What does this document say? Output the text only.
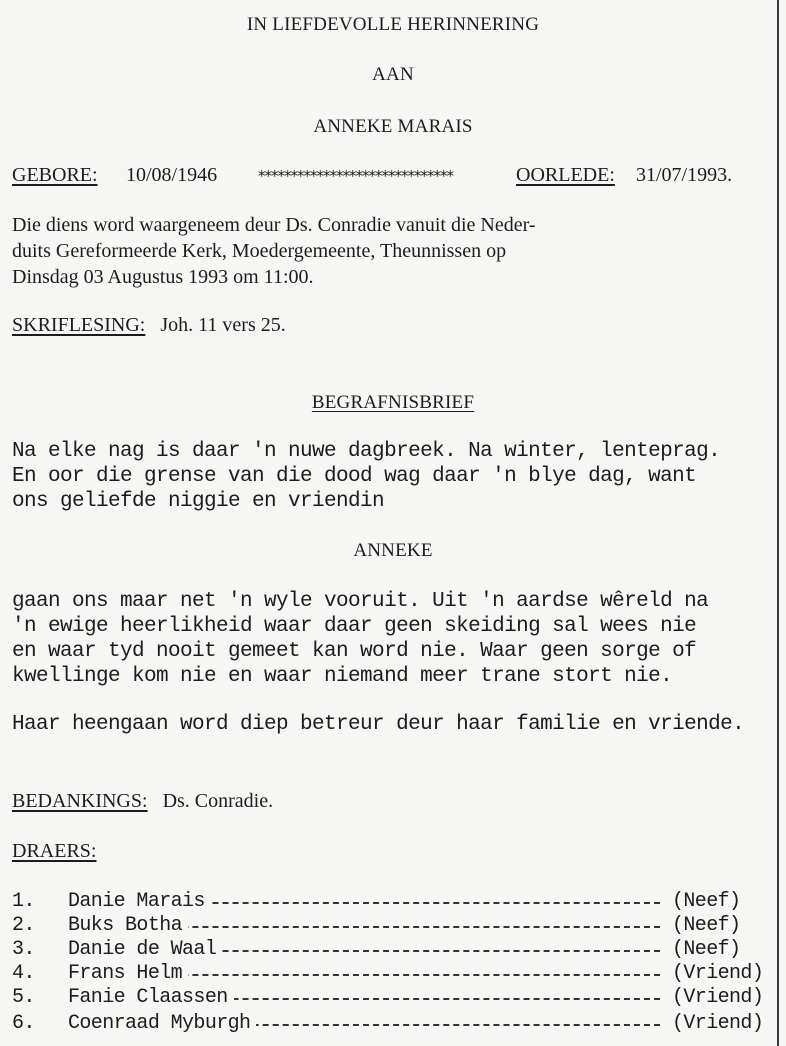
IN LIEFDEVOLLE HERINNERING
AAN
ANNEKE MARAIS
GEBORE: 10/08/1946	******************************	OORLEDE: 31/07/1993.
Die diens word waargeneem deur Ds. Conradie vanuit die Neder-
duits Gereformeerde Kerk, Moedergemeente, Theunnissen op
Dinsdag 03 Augustus 1993 om 11:00.
SKRIFLESING: Joh. 11 vers 25.
BEGRAFNISBRIEF
Na elke nag is daar 'n nuwe dagbreek. Na winter, lenteprag.
En oor die grense van die dood wag daar 'n blye dag, want
ons geliefde niggie en vriendin
ANNEKE
gaan ons maar net 'n wyle vooruit. Uit 'n aardse wêreld na
'n ewige heerlikheid waar daar geen skeiding sal wees nie
en waar tyd nooit gemeet kan word nie. Waar geen sorge of
kwellinge kom nie en waar niemand meer trane stort nie.
Haar heengaan word diep betreur deur haar familie en vriende.
BEDANKINGS: Ds. Conradie.
DRAERS:
1. Danie Marais	(Neef)
2. Buks Botha	(Neef)
3. Danie de Waal	(Neef)
4. Frans Helm	(Vriend)
5. Fanie Claassen	(Vriend)
6. Coenraad Myburgh	(Vriend)
